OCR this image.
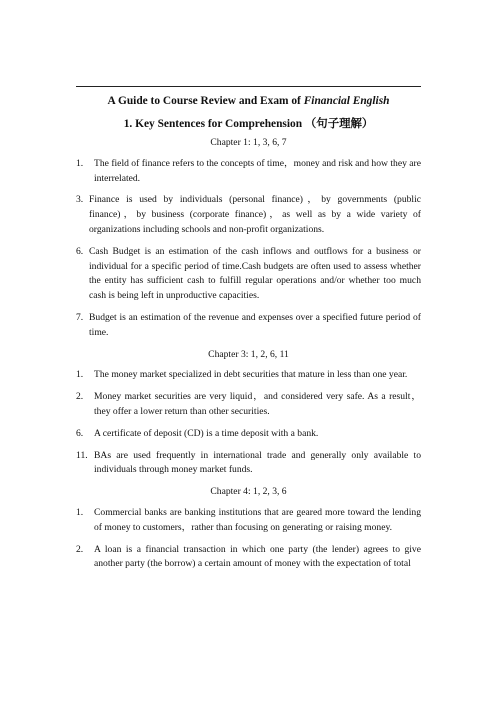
A Guide to Course Review and Exam of Financial English
1. Key Sentences for Comprehension （句子理解）
Chapter 1: 1, 3, 6, 7
1.	The field of finance refers to the concepts of time，money and risk and how they are interrelated.
3. Finance is used by individuals (personal finance)，by governments (public finance)，by business (corporate finance)，as well as by a wide variety of organizations including schools and non-profit organizations.
6. Cash Budget is an estimation of the cash inflows and outflows for a business or individual for a specific period of time.Cash budgets are often used to assess whether the entity has sufficient cash to fulfill regular operations and/or whether too much cash is being left in unproductive capacities.
7. Budget is an estimation of the revenue and expenses over a specified future period of time.
Chapter 3: 1, 2, 6, 11
1.	The money market specialized in debt securities that mature in less than one year.
2.	Money market securities are very liquid，and considered very safe. As a result，they offer a lower return than other securities.
6.	A certificate of deposit (CD) is a time deposit with a bank.
11. BAs are used frequently in international trade and generally only available to individuals through money market funds.
Chapter 4: 1, 2, 3, 6
1.	Commercial banks are banking institutions that are geared more toward the lending of money to customers，rather than focusing on generating or raising money.
2.	A loan is a financial transaction in which one party (the lender) agrees to give another party (the borrow) a certain amount of money with the expectation of total
